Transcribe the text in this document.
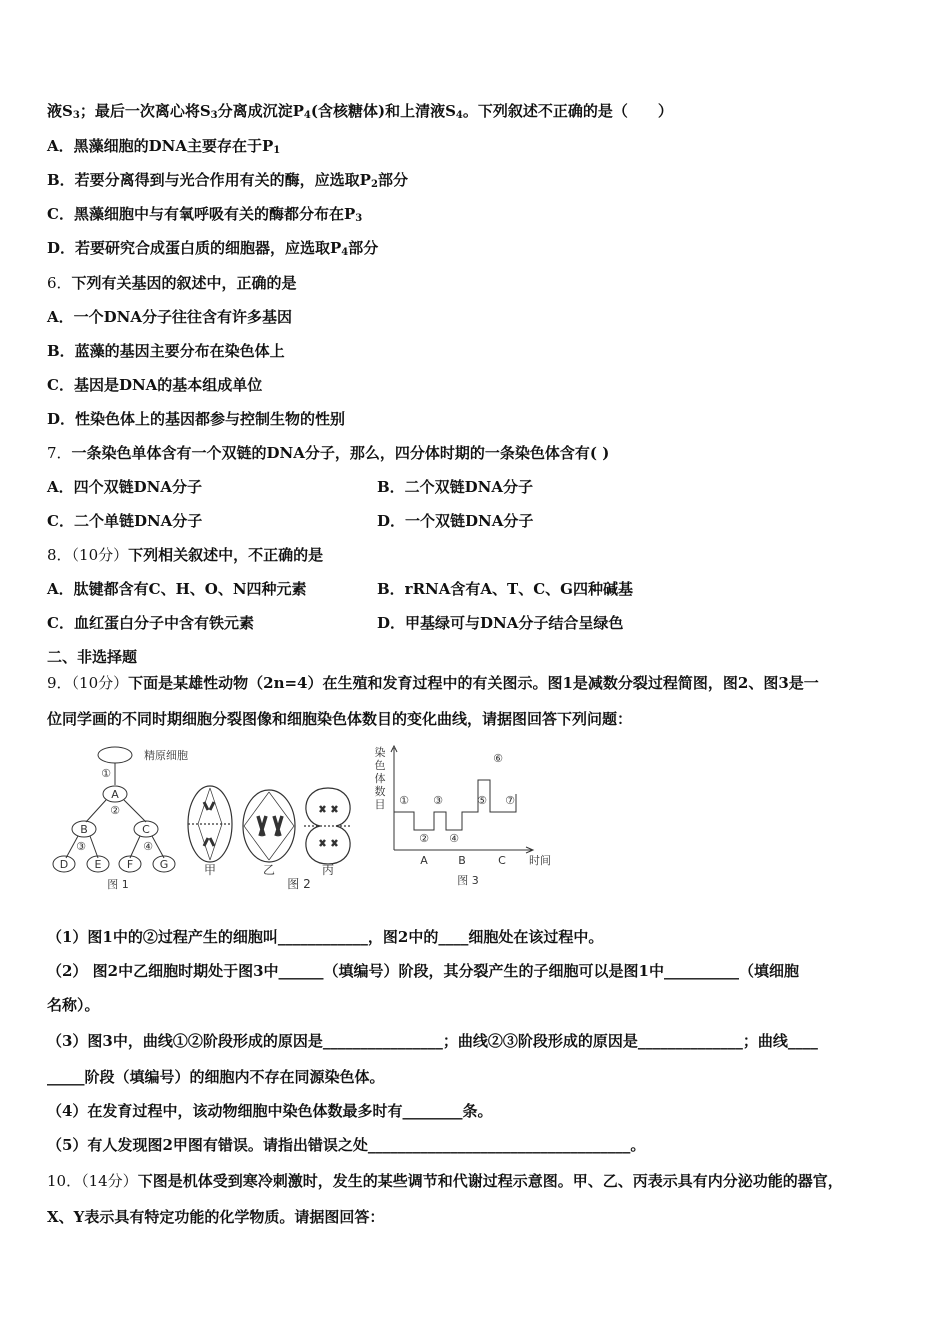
液$S_3$；最后一次离心将$S_3$分离成沉淀$P_4$(含核糖体)和上清液$S_4$。下列叙述不正确的是（　　）
A．黑藻细胞的DNA主要存在于$P_1$
B．若要分离得到与光合作用有关的酶，应选取$P_2$部分
C．黑藻细胞中与有氧呼吸有关的酶都分布在$P_3$
D．若要研究合成蛋白质的细胞器，应选取$P_4$部分
6．下列有关基因的叙述中，正确的是
A．一个DNA分子往往含有许多基因
B．蓝藻的基因主要分布在染色体上
C．基因是DNA的基本组成单位
D．性染色体上的基因都参与控制生物的性别
7．一条染色单体含有一个双链的DNA分子，那么，四分体时期的一条染色体含有( )
A．四个双链DNA分子	B．二个双链DNA分子
C．二个单链DNA分子	D．一个双链DNA分子
8．（10分）下列相关叙述中，不正确的是
A．肽键都含有C、H、O、N四种元素	B．rRNA含有A、T、C、G四种碱基
C．血红蛋白分子中含有铁元素	D．甲基绿可与DNA分子结合呈绿色
二、非选择题
9．（10分）下面是某雄性动物（2n=4）在生殖和发育过程中的有关图示。图1是减数分裂过程简图，图2、图3是一
位同学画的不同时期细胞分裂图像和细胞染色体数目的变化曲线，请据图回答下列问题：
精原细胞
①
A
②
B	C
③	④
D E F G
图 1
甲	乙	丙
图 2
染
色
体
数
目 ①
②
③
④
⑤
⑥
⑦
A	B	C 时间
图 3
（1）图1中的②过程产生的细胞叫____________，图2中的____细胞处在该过程中。
（2） 图2中乙细胞时期处于图3中______（填编号）阶段，其分裂产生的子细胞可以是图1中__________（填细胞
名称）。
（3）图3中，曲线①②阶段形成的原因是________________；曲线②③阶段形成的原因是______________；曲线____
_____阶段（填编号）的细胞内不存在同源染色体。
（4）在发育过程中，该动物细胞中染色体数最多时有________条。
（5）有人发现图2甲图有错误。请指出错误之处___________________________________。
10．（14分）下图是机体受到寒冷刺激时，发生的某些调节和代谢过程示意图。甲、乙、丙表示具有内分泌功能的器官，
X、Y表示具有特定功能的化学物质。请据图回答：
